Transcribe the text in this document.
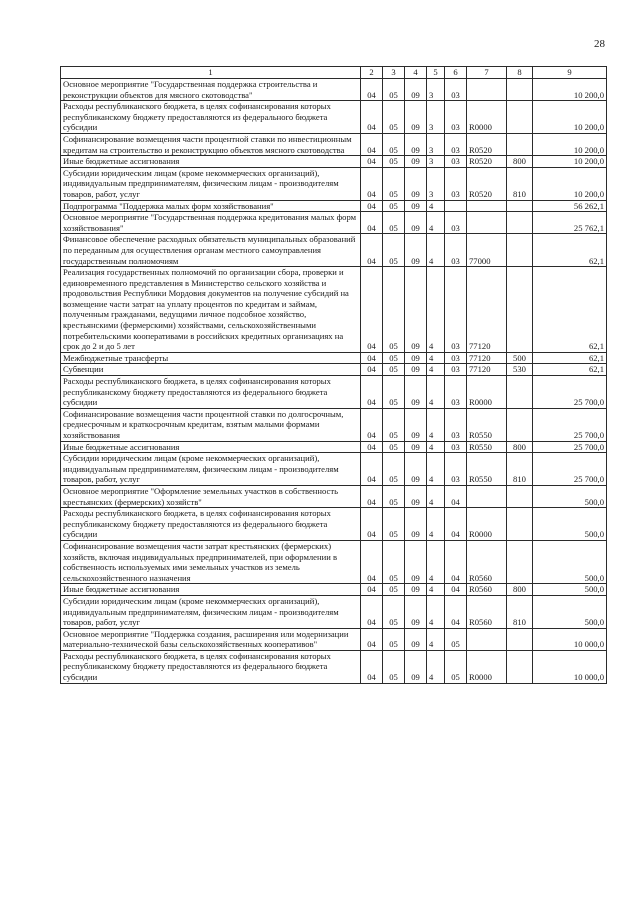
28
1	2	3	4	5	6	7	8	9
Основное мероприятие "Государственная поддержка строительства и реконструкции объектов для мясного скотоводства"	04	05	09	3	03			10 200,0
Расходы республиканского бюджета, в целях софинансирования которых республиканскому бюджету предоставляются из федерального бюджета субсидии	04	05	09	3	03	R0000		10 200,0
Софинансирование возмещения части процентной ставки по инвестиционным кредитам на строительство и реконструкцию объектов мясного скотоводства	04	05	09	3	03	R0520		10 200,0
Иные бюджетные ассигнования	04	05	09	3	03	R0520	800	10 200,0
Субсидии юридическим лицам (кроме некоммерческих организаций), индивидуальным предпринимателям, физическим лицам - производителям товаров, работ, услуг	04	05	09	3	03	R0520	810	10 200,0
Подпрограмма "Поддержка малых форм хозяйствования"	04	05	09	4				56 262,1
Основное мероприятие "Государственная поддержка кредитования малых форм хозяйствования"	04	05	09	4	03			25 762,1
Финансовое обеспечение расходных обязательств муниципальных образований по переданным для осуществления органам местного самоуправления государственным полномочиям	04	05	09	4	03	77000		62,1
Реализация государственных полномочий по организации сбора, проверки и единовременного представления в Министерство сельского хозяйства и продовольствия Республики Мордовия документов на получение субсидий на возмещение части затрат на уплату процентов по кредитам и займам, полученным гражданами, ведущими личное подсобное хозяйство, крестьянскими (фермерскими) хозяйствами, сельскохозяйственными потребительскими кооперативами в российских кредитных организациях на срок до 2 и до 5 лет	04	05	09	4	03	77120		62,1
Межбюджетные трансферты	04	05	09	4	03	77120	500	62,1
Субвенции	04	05	09	4	03	77120	530	62,1
Расходы республиканского бюджета, в целях софинансирования которых республиканскому бюджету предоставляются из федерального бюджета субсидии	04	05	09	4	03	R0000		25 700,0
Софинансирование возмещения части процентной ставки по долгосрочным, среднесрочным и краткосрочным кредитам, взятым малыми формами хозяйствования	04	05	09	4	03	R0550		25 700,0
Иные бюджетные ассигнования	04	05	09	4	03	R0550	800	25 700,0
Субсидии юридическим лицам (кроме некоммерческих организаций), индивидуальным предпринимателям, физическим лицам - производителям товаров, работ, услуг	04	05	09	4	03	R0550	810	25 700,0
Основное мероприятие "Оформление земельных участков в собственность крестьянских (фермерских) хозяйств"	04	05	09	4	04			500,0
Расходы республиканского бюджета, в целях софинансирования которых республиканскому бюджету предоставляются из федерального бюджета субсидии	04	05	09	4	04	R0000		500,0
Софинансирование возмещения части затрат крестьянских (фермерских) хозяйств, включая индивидуальных предпринимателей, при оформлении в собственность используемых ими земельных участков из земель сельскохозяйственного назначения	04	05	09	4	04	R0560		500,0
Иные бюджетные ассигнования	04	05	09	4	04	R0560	800	500,0
Субсидии юридическим лицам (кроме некоммерческих организаций), индивидуальным предпринимателям, физическим лицам - производителям товаров, работ, услуг	04	05	09	4	04	R0560	810	500,0
Основное мероприятие "Поддержка создания, расширения или модернизации материально-технической базы сельскохозяйственных кооперативов"	04	05	09	4	05			10 000,0
Расходы республиканского бюджета, в целях софинансирования которых республиканскому бюджету предоставляются из федерального бюджета субсидии	04	05	09	4	05	R0000		10 000,0
